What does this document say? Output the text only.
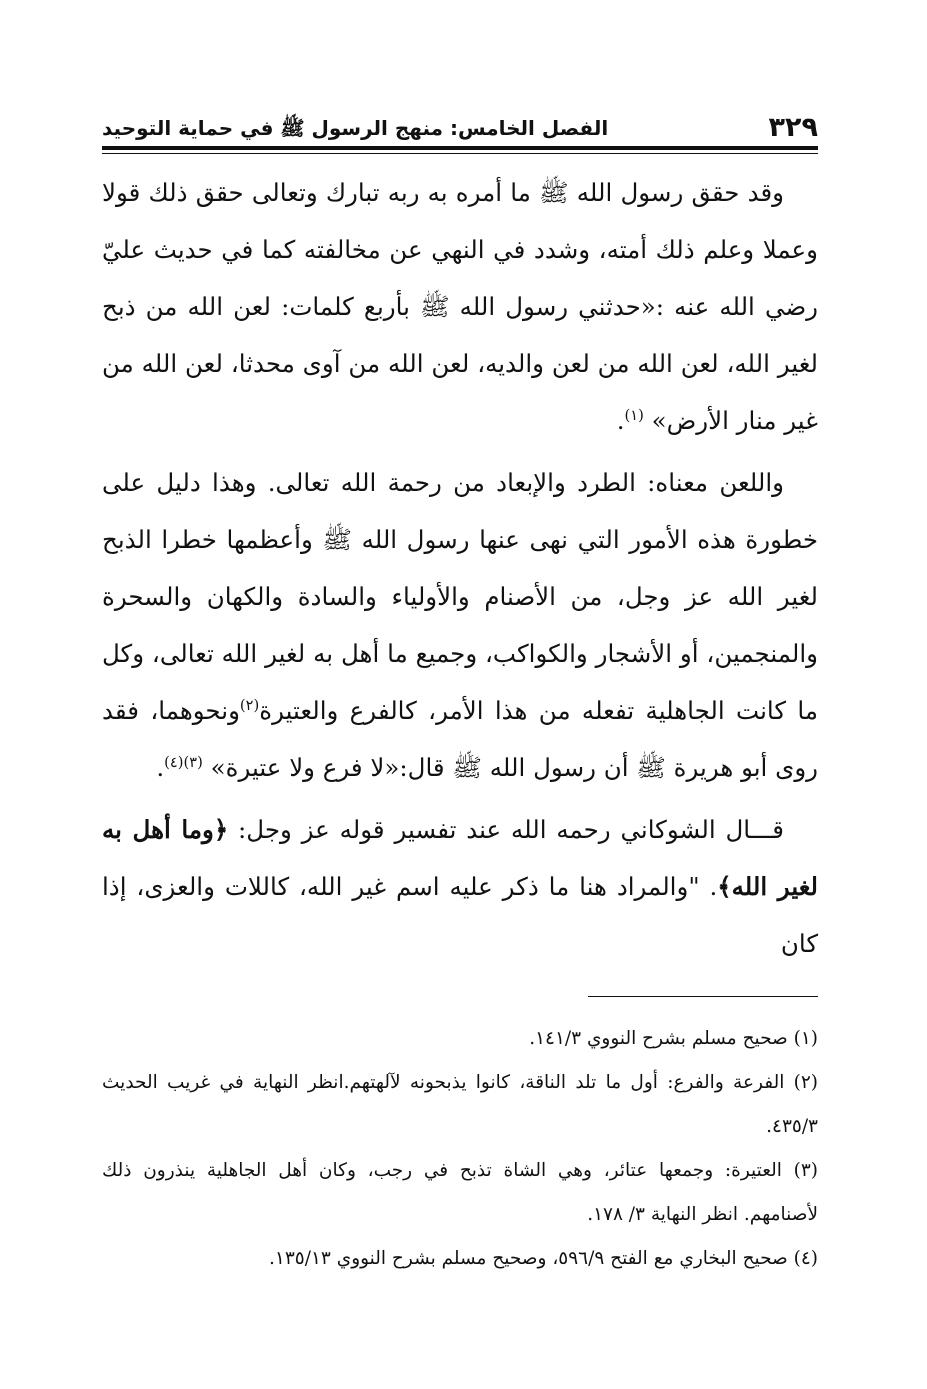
٣٢٩
الفصل الخامس: منهج الرسول ﷺ في حماية التوحيد

وقد حقق رسول الله ﷺ ما أمره به ربه تبارك وتعالى حقق ذلك قولا وعملا وعلم ذلك أمته، وشدد في النهي عن مخالفته كما في حديث عليّ رضي الله عنه :«حدثني رسول الله ﷺ بأربع كلمات: لعن الله من ذبح لغير الله، لعن الله من لعن والديه، لعن الله من آوى محدثا، لعن الله من غير منار الأرض» $^{(١)}$.

واللعن معناه: الطرد والإبعاد من رحمة الله تعالى. وهذا دليل على خطورة هذه الأمور التي نهى عنها رسول الله ﷺ وأعظمها خطرا الذبح لغير الله عز وجل، من الأصنام والأولياء والسادة والكهان والسحرة والمنجمين، أو الأشجار والكواكب، وجميع ما أهل به لغير الله تعالى، وكل ما كانت الجاهلية تفعله من هذا الأمر، كالفرع والعتيرة$^{(٢)}$ونحوهما، فقد روى أبو هريرة ﷺ أن رسول الله ﷺ قال:«لا فرع ولا عتيرة» $^{(٣)(٤)}$.

قـــال الشوكاني رحمه الله عند تفسير قوله عز وجل: ﴿وما أهل به لغير الله﴾. "والمراد هنا ما ذكر عليه اسم غير الله، كاللات والعزى، إذا كان

(١) صحيح مسلم بشرح النووي ١٤١/٣.

(٢) الفرعة والفرع: أول ما تلد الناقة، كانوا يذبحونه لآلهتهم.انظر النهاية في غريب الحديث ٤٣٥/٣.

(٣) العتيرة: وجمعها عتائر، وهي الشاة تذبح في رجب، وكان أهل الجاهلية ينذرون ذلك لأصنامهم. انظر النهاية ٣/ ١٧٨.

(٤) صحيح البخاري مع الفتح ٥٩٦/٩، وصحيح مسلم بشرح النووي ١٣٥/١٣.
